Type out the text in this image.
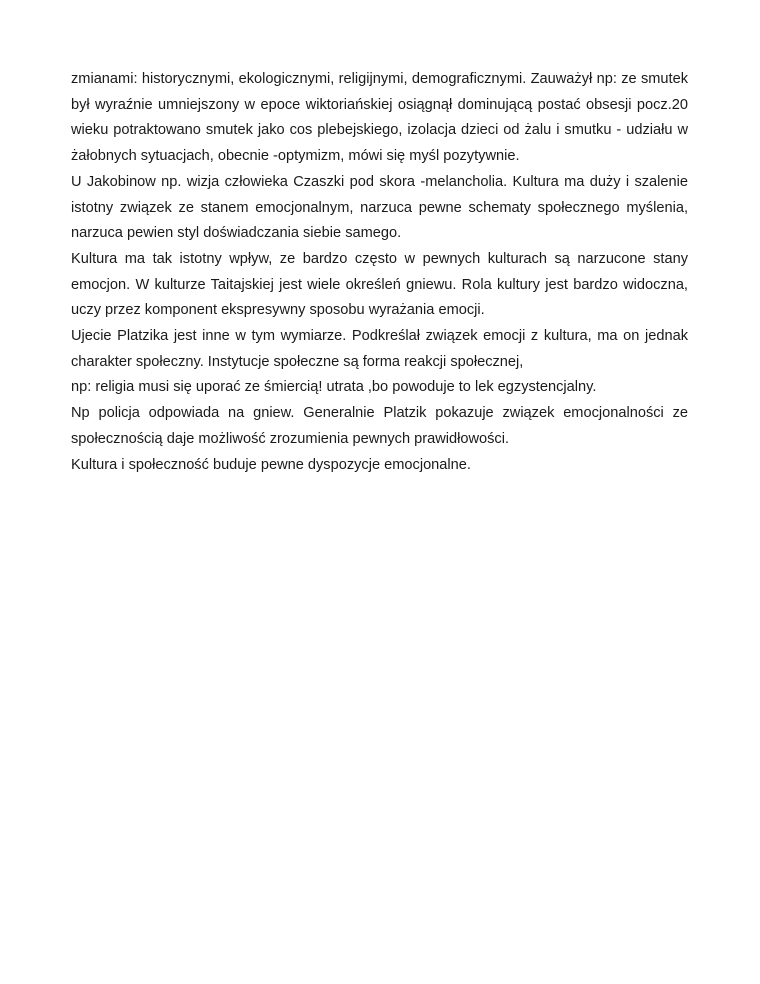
zmianami: historycznymi, ekologicznymi, religijnymi, demograficznymi. Zauważył np: ze smutek był wyraźnie umniejszony w epoce wiktoriańskiej osiągnął dominującą postać obsesji pocz.20 wieku potraktowano smutek jako cos plebejskiego, izolacja dzieci od żalu i smutku - udziału w żałobnych sytuacjach, obecnie -optymizm, mówi się myśl pozytywnie.

U Jakobinow np. wizja człowieka Czaszki pod skora -melancholia. Kultura ma duży i szalenie istotny związek ze stanem emocjonalnym, narzuca pewne schematy społecznego myślenia, narzuca pewien styl doświadczania siebie samego.

Kultura ma tak istotny wpływ, ze bardzo często w pewnych kulturach są narzucone stany emocjon. W kulturze Taitajskiej jest wiele określeń gniewu. Rola kultury jest bardzo widoczna, uczy przez komponent ekspresywny sposobu wyrażania emocji.

Ujecie Platzika jest inne w tym wymiarze. Podkreślał związek emocji z kultura, ma on jednak charakter społeczny. Instytucje społeczne są forma reakcji społecznej,

np: religia musi się uporać ze śmiercią! utrata ,bo powoduje to lek egzystencjalny.

Np policja odpowiada na gniew. Generalnie Platzik pokazuje związek emocjonalności ze społecznością daje możliwość zrozumienia pewnych prawidłowości.

Kultura i społeczność buduje pewne dyspozycje emocjonalne.
